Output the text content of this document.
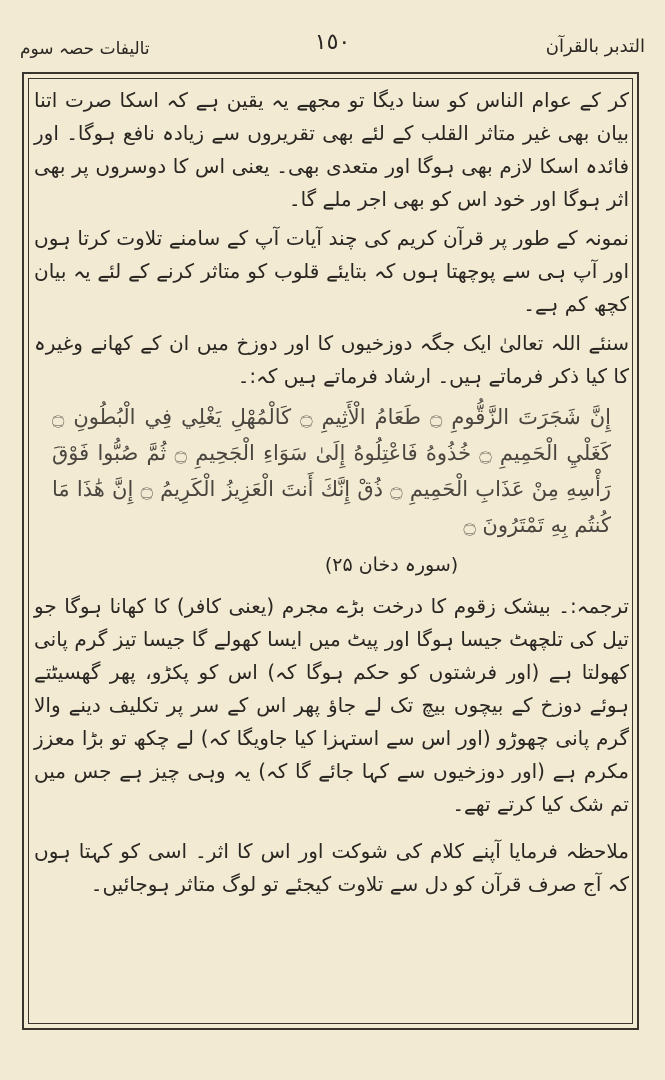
تالیفات حصہ سوم	١٥٠	التدبر بالقرآن

کر کے عوام الناس کو سنا دیگا تو مجھے یہ یقین ہے کہ اسکا صرت اتنا بیان بھی غیر متاثر القلب کے لئے بھی تقریروں سے زیادہ نافع ہوگا۔ اور فائدہ اسکا لازم بھی ہوگا اور متعدی بھی۔ یعنی اس کا دوسروں پر بھی اثر ہوگا اور خود اس کو بھی اجر ملے گا۔

نمونہ کے طور پر قرآن کریم کی چند آیات آپ کے سامنے تلاوت کرتا ہوں اور آپ ہی سے پوچھتا ہوں کہ بتایئے قلوب کو متاثر کرنے کے لئے یہ بیان کچھ کم ہے۔

سنئے اللہ تعالیٰ ایک جگہ دوزخیوں کا اور دوزخ میں ان کے کھانے وغیرہ کا کیا ذکر فرماتے ہیں۔ ارشاد فرماتے ہیں کہ:۔

إِنَّ شَجَرَتَ الزَّقُّومِ ۝ طَعَامُ الْأَثِيمِ ۝ كَالْمُهْلِ يَغْلِي فِي الْبُطُونِ ۝ كَغَلْيِ الْحَمِيمِ ۝ خُذُوهُ فَاعْتِلُوهُ إِلَىٰ سَوَاءِ الْجَحِيمِ ۝ ثُمَّ صُبُّوا فَوْقَ رَأْسِهِ مِنْ عَذَابِ الْحَمِيمِ ۝ ذُقْ إِنَّكَ أَنتَ الْعَزِيزُ الْكَرِيمُ ۝ إِنَّ هَٰذَا مَا كُنتُم بِهِ تَمْتَرُونَ ۝

(سورہ دخان ۲۵)

ترجمہ:۔ بیشک زقوم کا درخت بڑے مجرم (یعنی کافر) کا کھانا ہوگا جو تیل کی تلچھٹ جیسا ہوگا اور پیٹ میں ایسا کھولے گا جیسا تیز گرم پانی کھولتا ہے (اور فرشتوں کو حکم ہوگا کہ) اس کو پکڑو، پھر گھسیٹتے ہوئے دوزخ کے بیچوں بیچ تک لے جاؤ پھر اس کے سر پر تکلیف دینے والا گرم پانی چھوڑو (اور اس سے استہزا کیا جاویگا کہ) لے چکھ تو بڑا معزز مکرم ہے (اور دوزخیوں سے کہا جائے گا کہ) یہ وہی چیز ہے جس میں تم شک کیا کرتے تھے۔

ملاحظہ فرمایا آپنے کلام کی شوکت اور اس کا اثر۔ اسی کو کہتا ہوں کہ آج صرف قرآن کو دل سے تلاوت کیجئے تو لوگ متاثر ہوجائیں۔
